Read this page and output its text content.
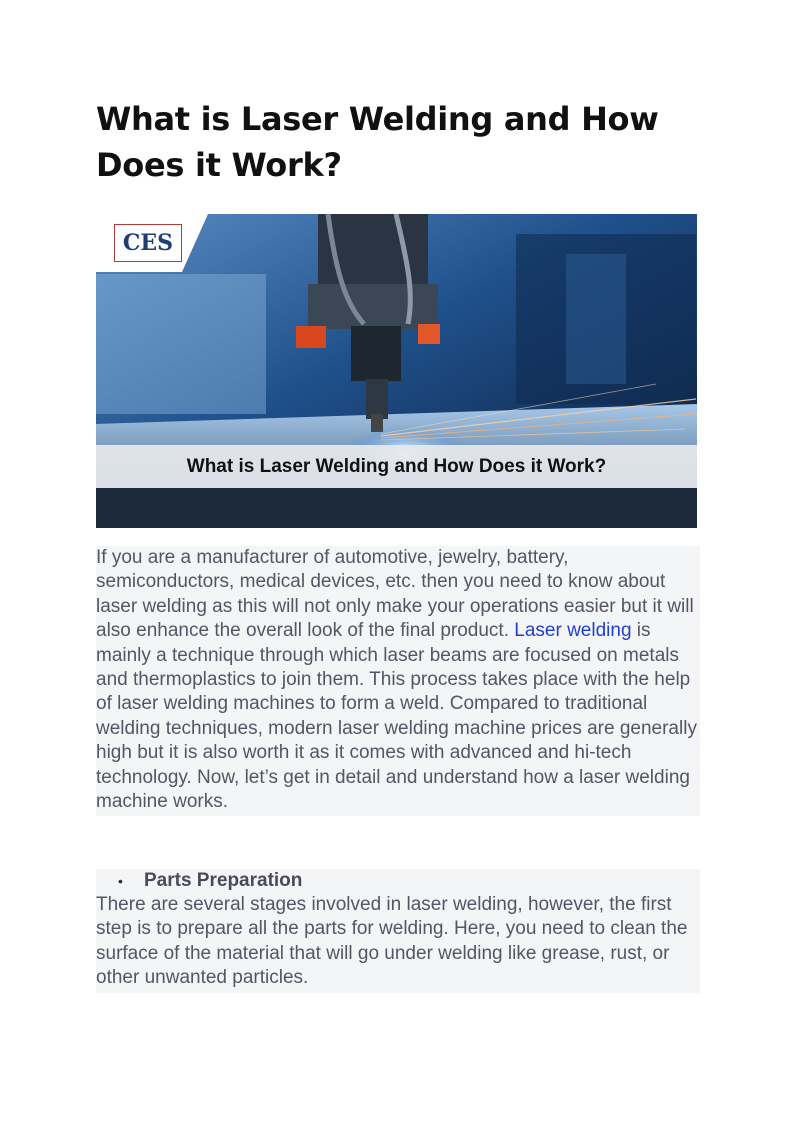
What is Laser Welding and How Does it Work?
CES
What is Laser Welding and How Does it Work?
If you are a manufacturer of automotive, jewelry, battery, semiconductors, medical devices, etc. then you need to know about laser welding as this will not only make your operations easier but it will also enhance the overall look of the final product. Laser welding is mainly a technique through which laser beams are focused on metals and thermoplastics to join them. This process takes place with the help of laser welding machines to form a weld. Compared to traditional welding techniques, modern laser welding machine prices are generally high but it is also worth it as it comes with advanced and hi-tech technology. Now, let’s get in detail and understand how a laser welding machine works.
• Parts Preparation
There are several stages involved in laser welding, however, the first step is to prepare all the parts for welding. Here, you need to clean the surface of the material that will go under welding like grease, rust, or other unwanted particles.
